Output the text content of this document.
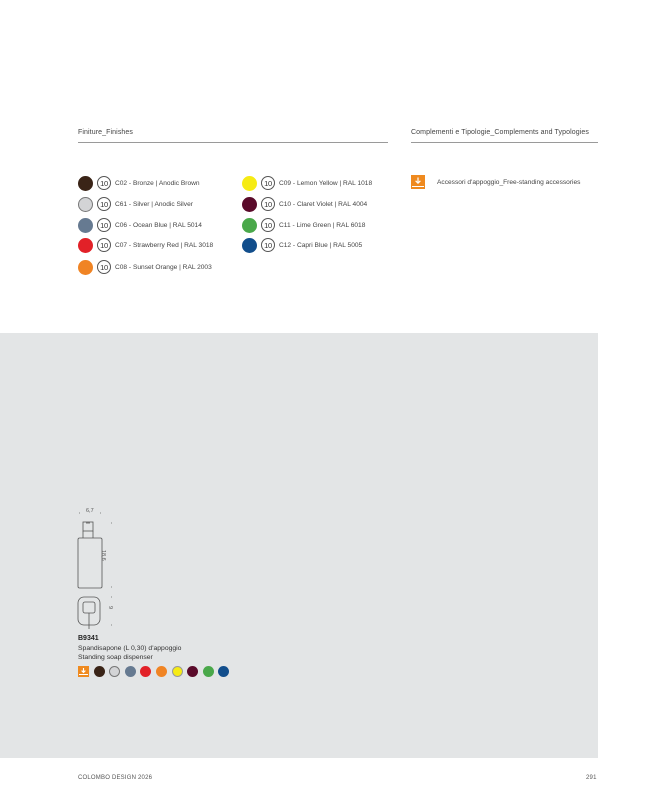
Finiture_Finishes	Complementi e Tipologie_Complements and Typologies
10	C02 - Bronze | Anodic Brown
10	C61 - Silver | Anodic Silver
10	C06 - Ocean Blue | RAL 5014
10	C07 - Strawberry Red | RAL 3018
10	C08 - Sunset Orange | RAL 2003
10	C09 - Lemon Yellow | RAL 1018
10	C10 - Claret Violet | RAL 4004
10	C11 - Lime Green | RAL 6018
10	C12 - Capri Blue | RAL 5005
Accessori d'appoggio_Free-standing accessories
6,7
18,6
9
B9341
Spandisapone (L 0,30) d'appoggio
Standing soap dispenser
COLOMBO DESIGN 2026	291
